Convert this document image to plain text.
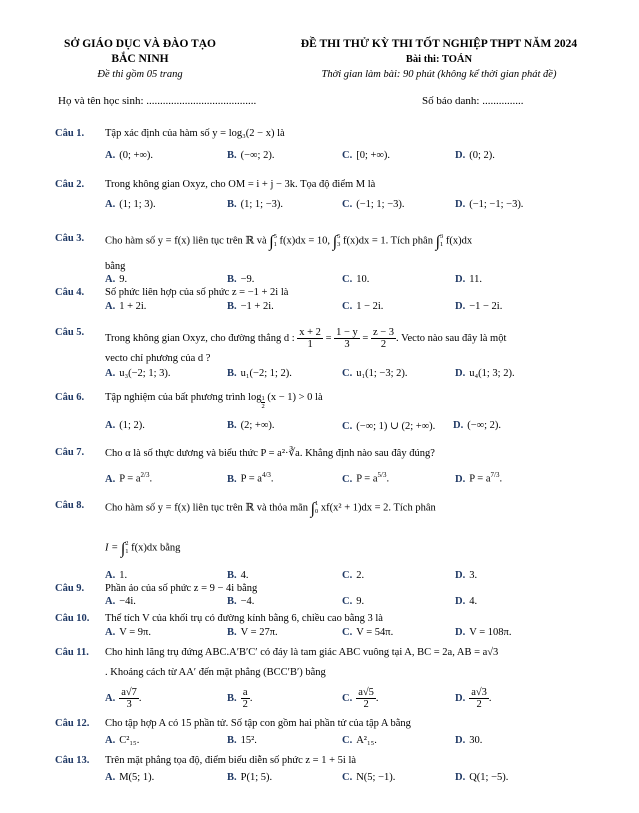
SỞ GIÁO DỤC VÀ ĐÀO TẠO
BẮC NINH
Đề thi gồm 05 trang
ĐỀ THI THỬ KỲ THI TỐT NGHIỆP THPT NĂM 2024
Bài thi: TOÁN
Thời gian làm bài: 90 phút (không kể thời gian phát đề)
Họ và tên học sinh: ........................................	Số báo danh: ...............
Câu 1. Tập xác định của hàm số y = log₃(2 − x) là
A. (0; +∞).	B. (−∞; 2).	C. [0; +∞).	D. (0; 2).
Câu 2. Trong không gian Oxyz, cho OM = i + j − 3k. Tọa độ điểm M là
A. (1; 1; 3).	B. (1; 1; −3).	C. (−1; 1; −3).	D. (−1; −1; −3).
Câu 3. Cho hàm số y = f(x) liên tục trên ℝ và ∫ 5
1 f(x)dx = 10, ∫ 5
3 f(x)dx = 1. Tích phân ∫ 3
1 f(x)dx
bằng
A. 9.	B. −9.	C. 10.	D. 11.
Câu 4. Số phức liên hợp của số phức z = −1 + 2i là
A. 1 + 2i.	B. −1 + 2i.	C. 1 − 2i.	D. −1 − 2i.
Câu 5.
Trong không gian Oxyz, cho đường thẳng d : $\frac{x + 2}{1} = \frac{1 - y}{3} = \frac{z - 3}{2}$ . Vecto nào sau đây là một
vecto chỉ phương của d ?
A. u₃(−2; 1; 3).	B. u₁(−2; 1; 2).	C. u₁(1; −3; 2).	D. u₄(1; 3; 2).
Câu 6. Tập nghiệm của bất phương trình $\log \frac{1}{2} (x - 1) > 0$ là
A. (1; 2).	B. (2; +∞).	C. (−∞; 1) ∪ (2; +∞). D. (−∞; 2).
Câu 7. Cho α là số thực dương và biểu thức P = a²·∛a. Khẳng định nào sau đây đúng?
A. $P = a^{2/3}$.	B. $P = a^{4/3}$.	C. $P = a^{5/3}$.	D. $P = a^{7/3}$.
Câu 8. Cho hàm số y = f(x) liên tục trên ℝ và thỏa mãn ∫ 1
0 xf(x² + 1)dx = 2. Tích phân
I = ∫ 2
1 f(x)dx bằng
A. 1.	B. 4.	C. 2.	D. 3.
Câu 9. Phần ảo của số phức z = 9 − 4i bằng
A. −4i.	B. −4.	C. 9.	D. 4.
Câu 10. Thể tích V của khối trụ có đường kính bằng 6, chiều cao bằng 3 là
A. V = 9π.	B. V = 27π.	C. V = 54π.	D. V = 108π.
Câu 11. Cho hình lăng trụ đứng ABC.A′B′C′ có đáy là tam giác ABC vuông tại A, BC = 2a, AB = a√3
. Khoảng cách từ AA′ đến mặt phẳng (BCC′B′) bằng
A. $\frac{a√7}{3}$ .	B. $\frac{a}{2}$ .	C. $\frac{a√5}{2}$ .	D. $\frac{a√3}{2}$ .
Câu 12. Cho tập hợp A có 15 phần tử. Số tập con gồm hai phần tử của tập A bằng
A. C²₁₅.	B. 15².	C. A²₁₅.	D. 30.
Câu 13. Trên mặt phẳng tọa độ, điểm biểu diễn số phức z = 1 + 5i là
A. M(5; 1).	B. P(1; 5).	C. N(5; −1).	D. Q(1; −5).
